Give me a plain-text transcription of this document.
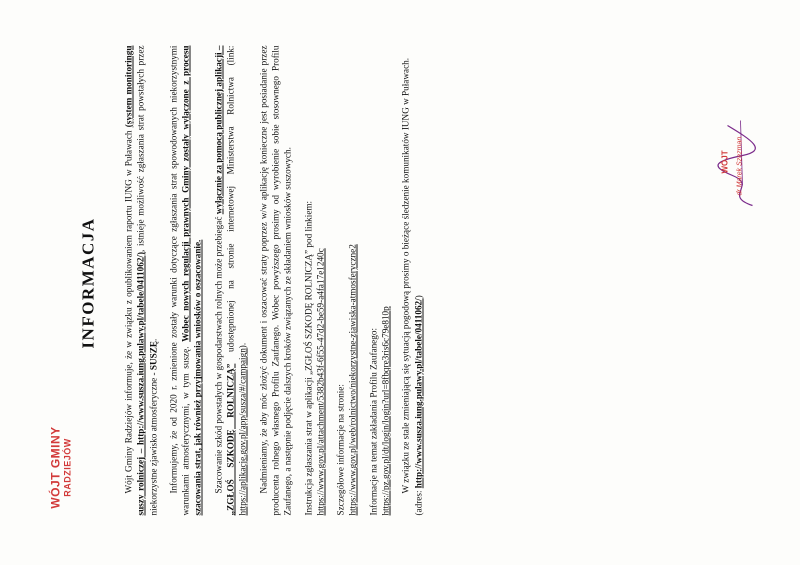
WÓJT GMINY RADZIEJÓW
INFORMACJA	Wójt Gminy Radziejów informuje, że w związku z opublikowaniem raportu IUNG w Puławach (system monitoringu suszy rolniczej – http://www.susza.iung.pulawy.pl/tabele/0411062/), istnieje możliwość zgłaszania strat powstałych przez niekorzystne zjawisko atmosferyczne - SUSZĘ. Informujemy, że od 2020 r. zmienione zostały warunki dotyczące zgłaszania strat spowodowanych niekorzystnymi warunkami atmosferycznymi, w tym suszę. Wobec nowych regulacji prawnych Gminy zostały wyłączone z procesu szacowania strat, jak również przyjmowania wniosków o oszacowanie. Szacowanie szkód powstałych w gospodarstwach rolnych może przebiegać wyłącznie za pomocą publicznej aplikacji – „ZGŁOŚ SZKODĘ ROLNICZĄ” udostępnionej na stronie internetowej Ministerstwa Rolnictwa (link: https://aplikacje.gov.pl/app/susza/#/campaign). Nadmieniamy, że aby móc złożyć dokument i oszacować straty poprzez w/w aplikację konieczne jest posiadanie przez producenta rolnego własnego Profilu Zaufanego. Wobec powyższego prosimy od wyrobienie sobie stosownego Profilu Zaufanego, a następnie podjęcie dalszych kroków związanych ze składaniem wniosków suszowych. Instrukcja zgłaszania strat w aplikacji „ZGŁOŚ SZKODĘ ROLNICZĄ” pod linkiem: https://www.gov.pl/attachment/5382b43f-6f55-47d2-be59-a4fa17e1240c Szczegółowe informacje na stronie: https://www.gov.pl/web/rolnictwo/niekorzystne-zjawiska-atmosferyczne2 Informacje na temat zakładania Profilu Zaufanego: https://pz.gov.pl/dt/login/login?url=8fbqre3ris6c79e810p W związku ze stale zmieniającą się sytuacją pogodową prosimy o bieżące śledzenie komunikatów IUNG w Puławach.
(adres: http://www.susza.iung.pulawy.pl/tabele/0411062/)

WÓJT dr Marek Szezman
